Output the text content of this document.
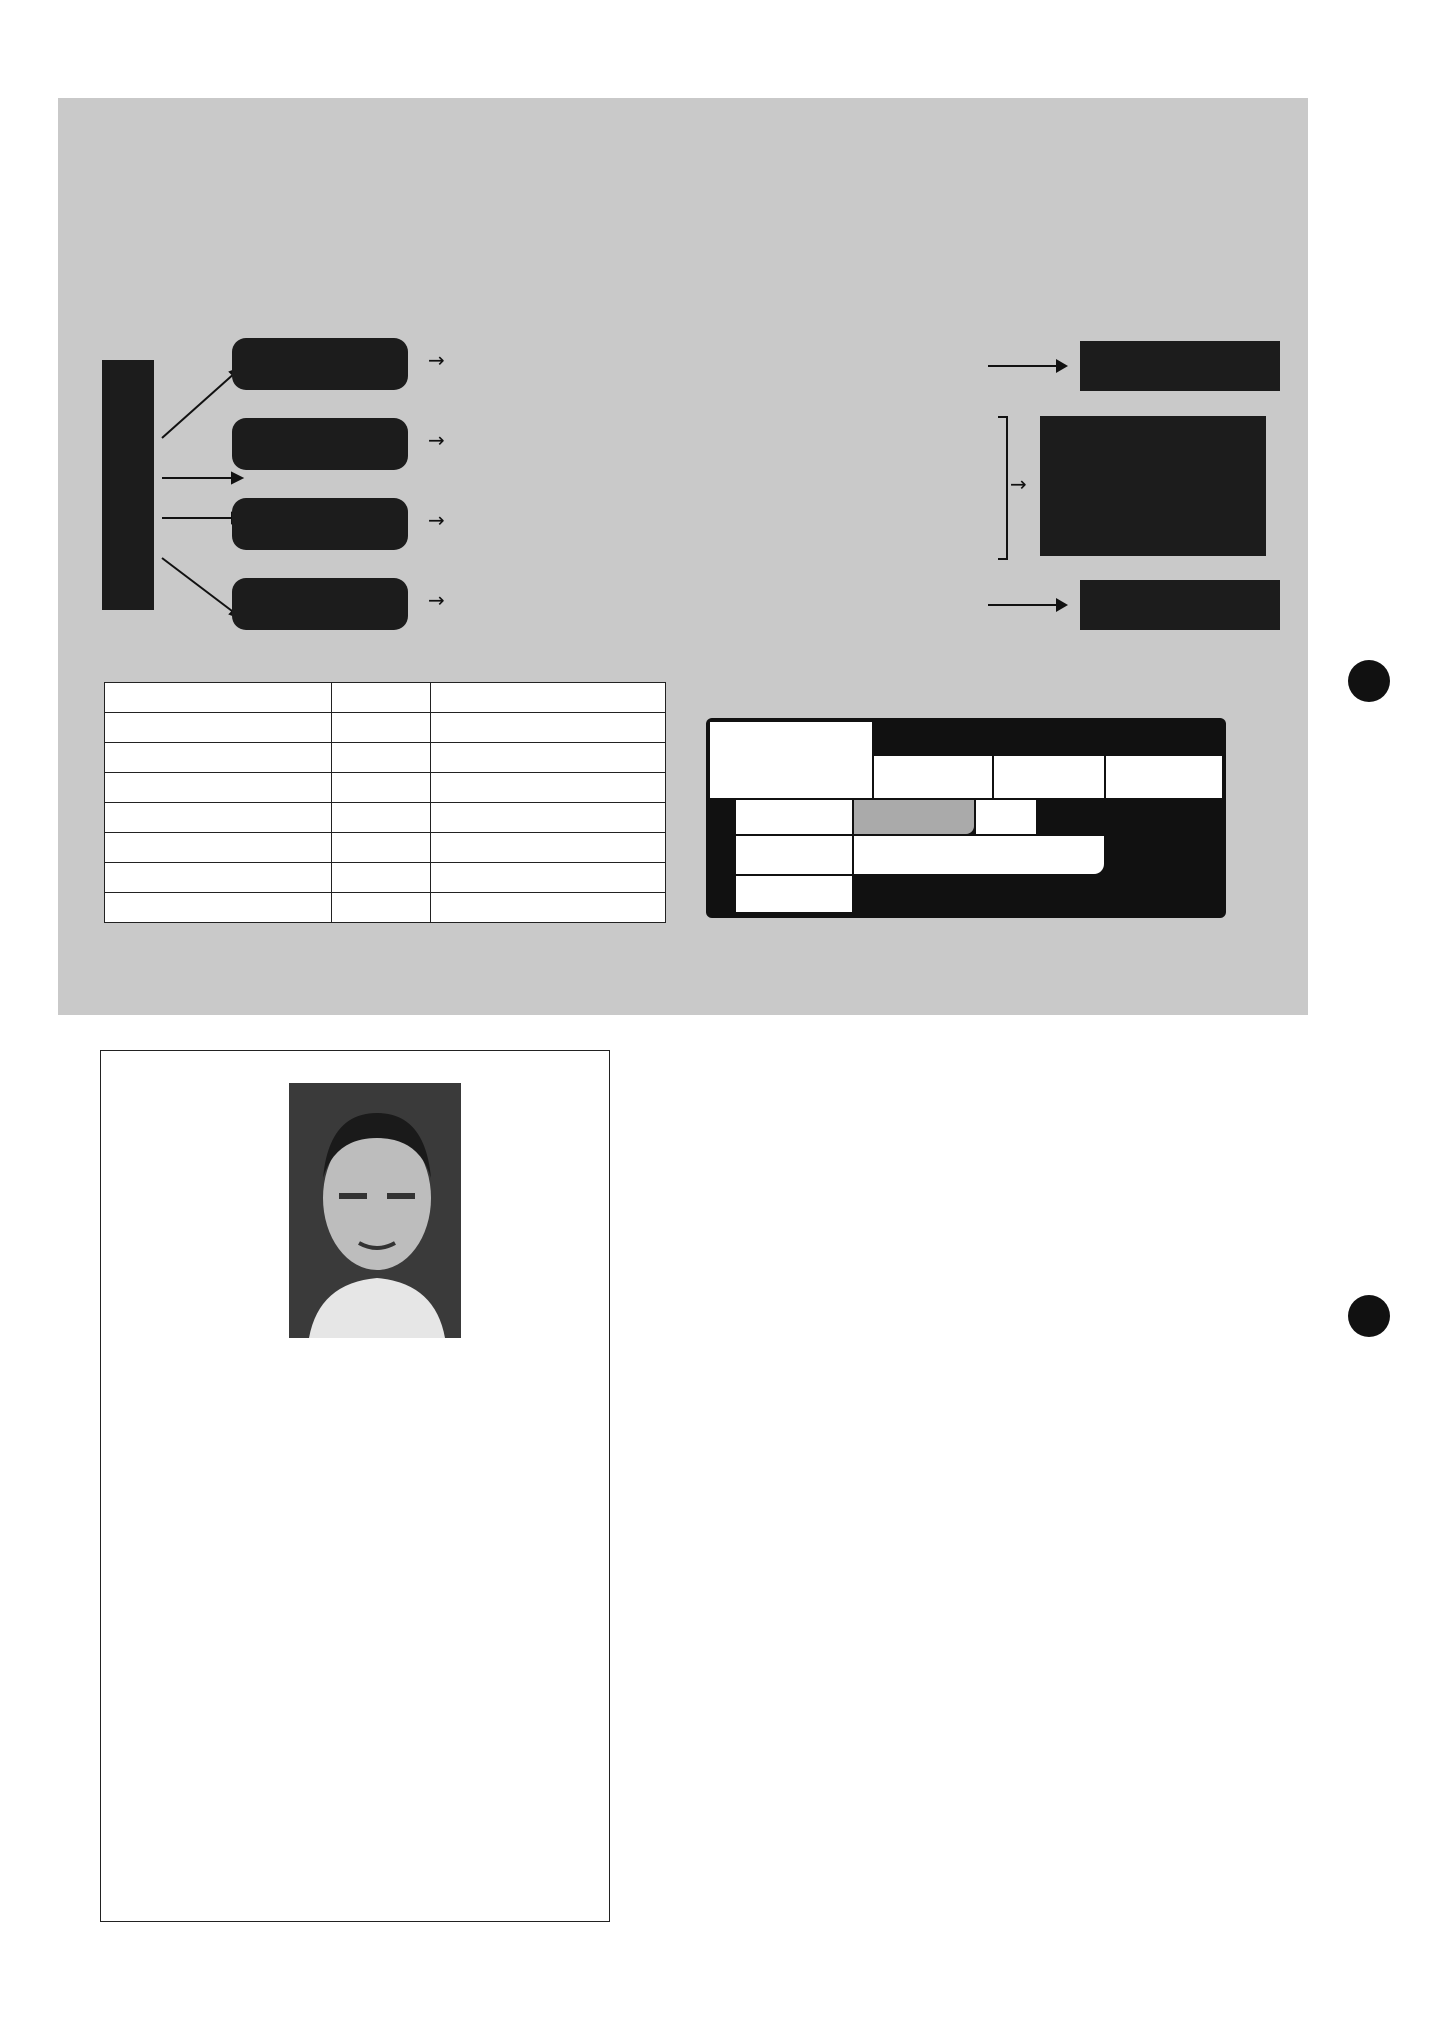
→
→
→
→
→
